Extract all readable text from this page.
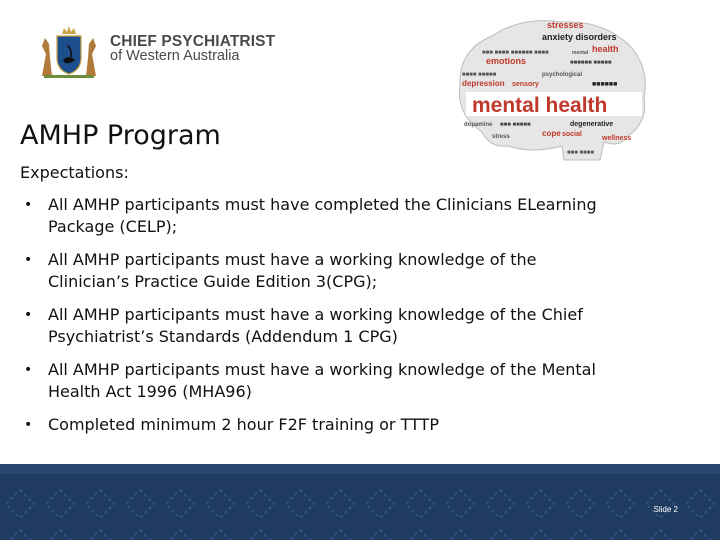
CHIEF PSYCHIATRIST
of Western Australia
stresses
anxiety disorders
health
■■■ ■■■■ ■■■■■■ ■■■■
emotions	■■■■■■ ■■■■■
psychological
■■■■ ■■■■■
depression sensory	■■■■■■
mental health
dopamine ■■■ ■■■■■
cope
degenerative
social
wellness
stress
■■■ ■■■■
mental
AMHP Program
Expectations:
• All AMHP participants must have completed the Clinicians ELearning
Package (CELP);
• All AMHP participants must have a working knowledge of the
Clinician’s Practice Guide Edition 3(CPG);
• All AMHP participants must have a working knowledge of the Chief
Psychiatrist’s Standards (Addendum 1 CPG)
• All AMHP participants must have a working knowledge of the Mental
Health Act 1996 (MHA96)
• Completed minimum 2 hour F2F training or TTTP
Slide 2
